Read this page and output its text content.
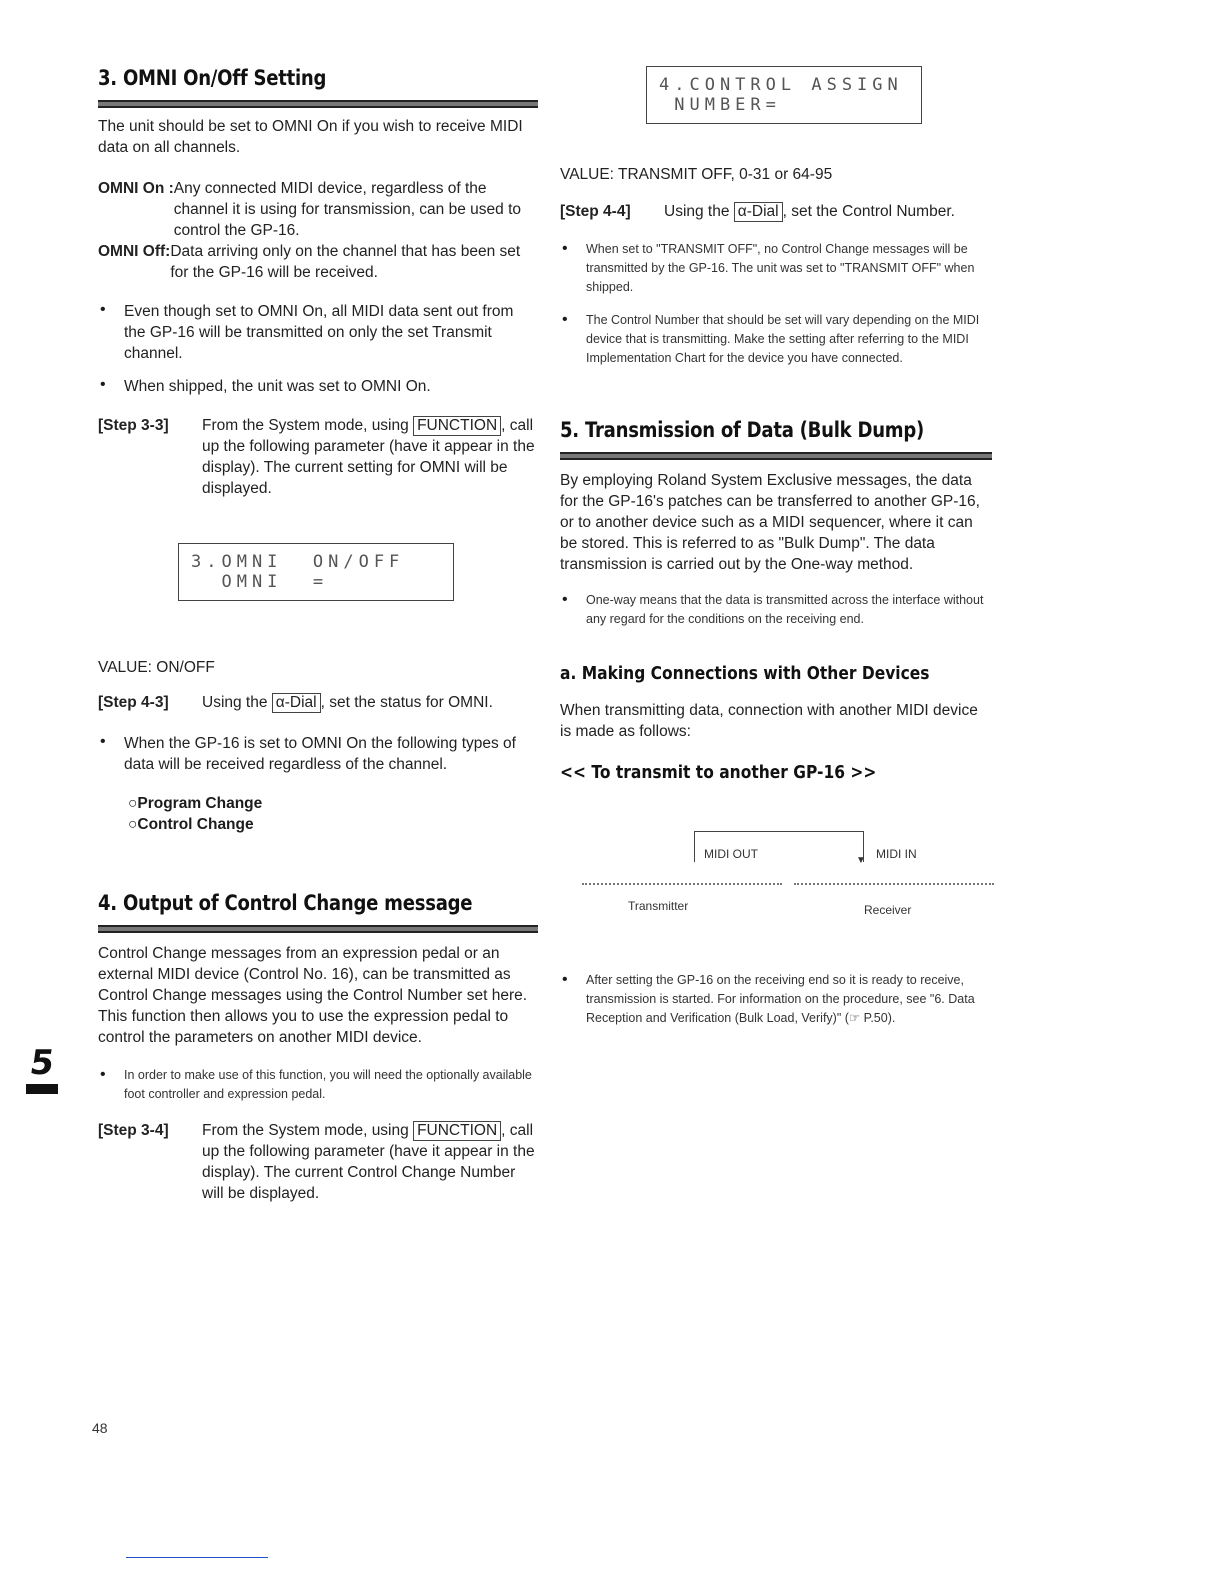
3. OMNI On/Off Setting

The unit should be set to OMNI On if you wish to receive MIDI data on all channels.

OMNI On : Any connected MIDI device, regardless of the channel it is using for transmission, can be used to control the GP-16.
OMNI Off: Data arriving only on the channel that has been set for the GP-16 will be received.
• Even though set to OMNI On, all MIDI data sent out from the GP-16 will be transmitted on only the set Transmit channel.

• When shipped, the unit was set to OMNI On.

[Step 3-3]	From the System mode, using FUNCTION , call up the following parameter (have it appear in the display). The current setting for OMNI will be displayed.
3.OMNI  ON/OFF
OMNI  =

VALUE: ON/OFF

[Step 4-3]	Using the α-Dial , set the status for OMNI.
• When the GP-16 is set to OMNI On the following types of data will be received regardless of the channel.

○Program Change
○Control Change
4. Output of Control Change message

Control Change messages from an expression pedal or an external MIDI device (Control No. 16), can be transmitted as Control Change messages using the Control Number set here. This function then allows you to use the expression pedal to control the parameters on another MIDI device.

• In order to make use of this function, you will need the optionally available foot controller and expression pedal.

[Step 3-4]	From the System mode, using FUNCTION , call up the following parameter (have it appear in the display). The current Control Change Number will be displayed.
4.CONTROL ASSIGN
NUMBER=

VALUE: TRANSMIT OFF, 0-31 or 64-95

[Step 4-4]	Using the α-Dial , set the Control Number.
• When set to "TRANSMIT OFF", no Control Change messages will be transmitted by the GP-16. The unit was set to "TRANSMIT OFF" when shipped.

• The Control Number that should be set will vary depending on the MIDI device that is transmitting. Make the setting after referring to the MIDI Implementation Chart for the device you have connected.

5. Transmission of Data (Bulk Dump)

By employing Roland System Exclusive messages, the data for the GP-16's patches can be transferred to another GP-16, or to another device such as a MIDI sequencer, where it can be stored. This is referred to as "Bulk Dump". The data transmission is carried out by the One-way method.

• One-way means that the data is transmitted across the interface without any regard for the conditions on the receiving end.

a. Making Connections with Other Devices

When transmitting data, connection with another MIDI device is made as follows:

<< To transmit to another GP-16 >>
MIDI OUT	▼ MIDI IN
Transmitter	Receiver
• After setting the GP-16 on the receiving end so it is ready to receive, transmission is started. For information on the procedure, see "6. Data Reception and Verification (Bulk Load, Verify)" (☞ P.50).

5
48
